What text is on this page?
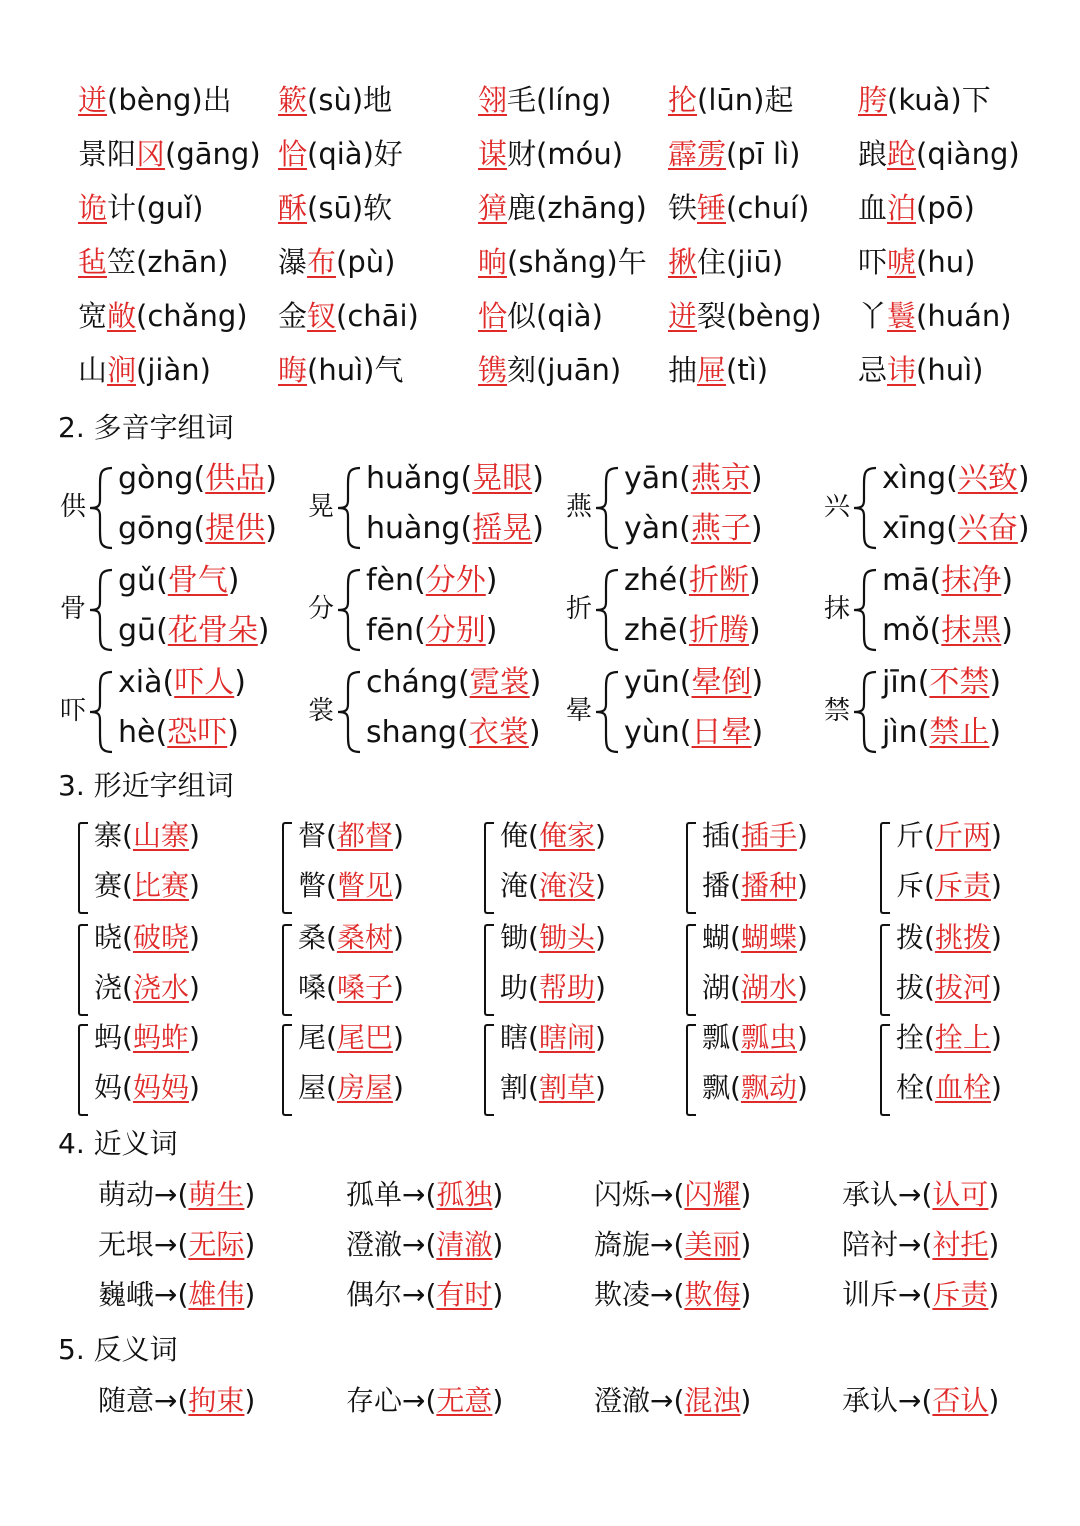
迸(bèng)出 簌(sù)地	翎毛(líng) 抡(lūn)起 胯(kuà)下
景阳冈(gāng) 恰(qià)好	谋财(móu) 霹雳(pī lì) 踉跄(qiàng)
诡计(guǐ)	酥(sū)软	獐鹿(zhāng) 铁锤(chuí) 血泊(pō)
毡笠(zhān) 瀑布(pù)	晌(shǎng)午 揪住(jiū)	吓唬(hu)
宽敞(chǎng) 金钗(chāi) 恰似(qià) 迸裂(bèng) 丫鬟(huán)
山涧(jiàn) 晦(huì)气	镌刻(juān) 抽屉(tì)	忌讳(huì)
2. 多音字组词
供
gòng(供品)
gōng(提供)
晃
huǎng(晃眼)
huàng(摇晃)
燕
yān(燕京)
yàn(燕子)
兴
xìng(兴致)
xīng(兴奋)
骨
gǔ(骨气)
gū(花骨朵)
分
fèn(分外)
fēn(分别)
折
zhé(折断)
zhē(折腾)
抹
mā(抹净)
mǒ(抹黑)
吓
xià(吓人)
hè(恐吓)
裳
cháng(霓裳)
shang(衣裳)
晕
yūn(晕倒)
yùn(日晕)
禁
jīn(不禁)
jìn(禁止)
3. 形近字组词
寨(山寨)
赛(比赛)
督(都督)
瞥(瞥见)
俺(俺家)
淹(淹没)
插(插手)
播(播种)
斤(斤两)
斥(斥责)
晓(破晓)
浇(浇水)
桑(桑树)
嗓(嗓子)
锄(锄头)
助(帮助)
蝴(蝴蝶)
湖(湖水)
拨(挑拨)
拔(拔河)
蚂(蚂蚱)
妈(妈妈)
尾(尾巴)
屋(房屋)
瞎(瞎闹)
割(割草)
瓢(瓢虫)
飘(飘动)
拴(拴上)
栓(血栓)
4. 近义词
萌动→(萌生)	孤单→(孤独)	闪烁→(闪耀)	承认→(认可)
无垠→(无际)	澄澈→(清澈)	旖旎→(美丽)	陪衬→(衬托)
巍峨→(雄伟)	偶尔→(有时)	欺凌→(欺侮)	训斥→(斥责)
5. 反义词
随意→(拘束)	存心→(无意)	澄澈→(混浊)	承认→(否认)
